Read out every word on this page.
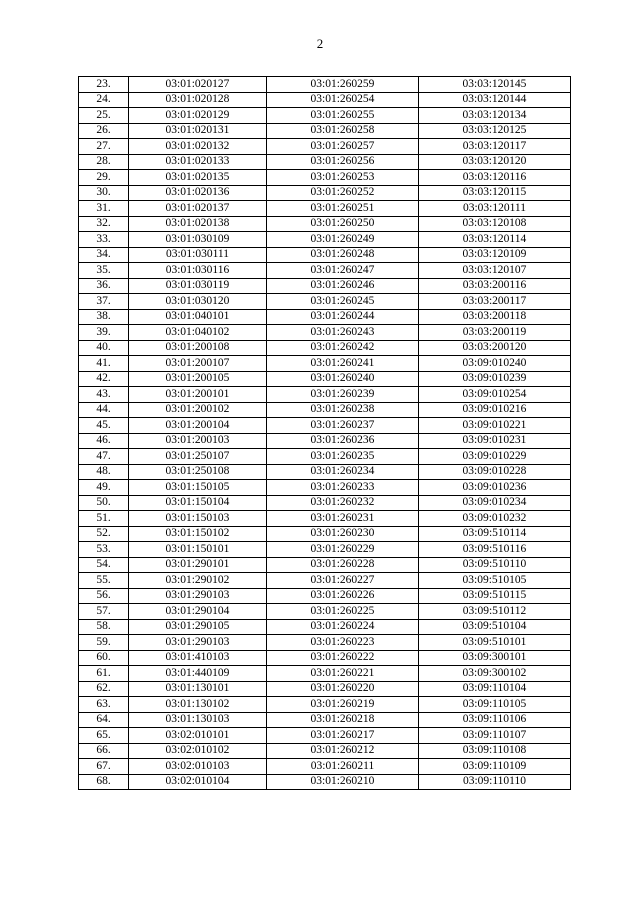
2
23.	03:01:020127	03:01:260259	03:03:120145
24.	03:01:020128	03:01:260254	03:03:120144
25.	03:01:020129	03:01:260255	03:03:120134
26.	03:01:020131	03:01:260258	03:03:120125
27.	03:01:020132	03:01:260257	03:03:120117
28.	03:01:020133	03:01:260256	03:03:120120
29.	03:01:020135	03:01:260253	03:03:120116
30.	03:01:020136	03:01:260252	03:03:120115
31.	03:01:020137	03:01:260251	03:03:120111
32.	03:01:020138	03:01:260250	03:03:120108
33.	03:01:030109	03:01:260249	03:03:120114
34.	03:01:030111	03:01:260248	03:03:120109
35.	03:01:030116	03:01:260247	03:03:120107
36.	03:01:030119	03:01:260246	03:03:200116
37.	03:01:030120	03:01:260245	03:03:200117
38.	03:01:040101	03:01:260244	03:03:200118
39.	03:01:040102	03:01:260243	03:03:200119
40.	03:01:200108	03:01:260242	03:03:200120
41.	03:01:200107	03:01:260241	03:09:010240
42.	03:01:200105	03:01:260240	03:09:010239
43.	03:01:200101	03:01:260239	03:09:010254
44.	03:01:200102	03:01:260238	03:09:010216
45.	03:01:200104	03:01:260237	03:09:010221
46.	03:01:200103	03:01:260236	03:09:010231
47.	03:01:250107	03:01:260235	03:09:010229
48.	03:01:250108	03:01:260234	03:09:010228
49.	03:01:150105	03:01:260233	03:09:010236
50.	03:01:150104	03:01:260232	03:09:010234
51.	03:01:150103	03:01:260231	03:09:010232
52.	03:01:150102	03:01:260230	03:09:510114
53.	03:01:150101	03:01:260229	03:09:510116
54.	03:01:290101	03:01:260228	03:09:510110
55.	03:01:290102	03:01:260227	03:09:510105
56.	03:01:290103	03:01:260226	03:09:510115
57.	03:01:290104	03:01:260225	03:09:510112
58.	03:01:290105	03:01:260224	03:09:510104
59.	03:01:290103	03:01:260223	03:09:510101
60.	03:01:410103	03:01:260222	03:09:300101
61.	03:01:440109	03:01:260221	03:09:300102
62.	03:01:130101	03:01:260220	03:09:110104
63.	03:01:130102	03:01:260219	03:09:110105
64.	03:01:130103	03:01:260218	03:09:110106
65.	03:02:010101	03:01:260217	03:09:110107
66.	03:02:010102	03:01:260212	03:09:110108
67.	03:02:010103	03:01:260211	03:09:110109
68.	03:02:010104	03:01:260210	03:09:110110
